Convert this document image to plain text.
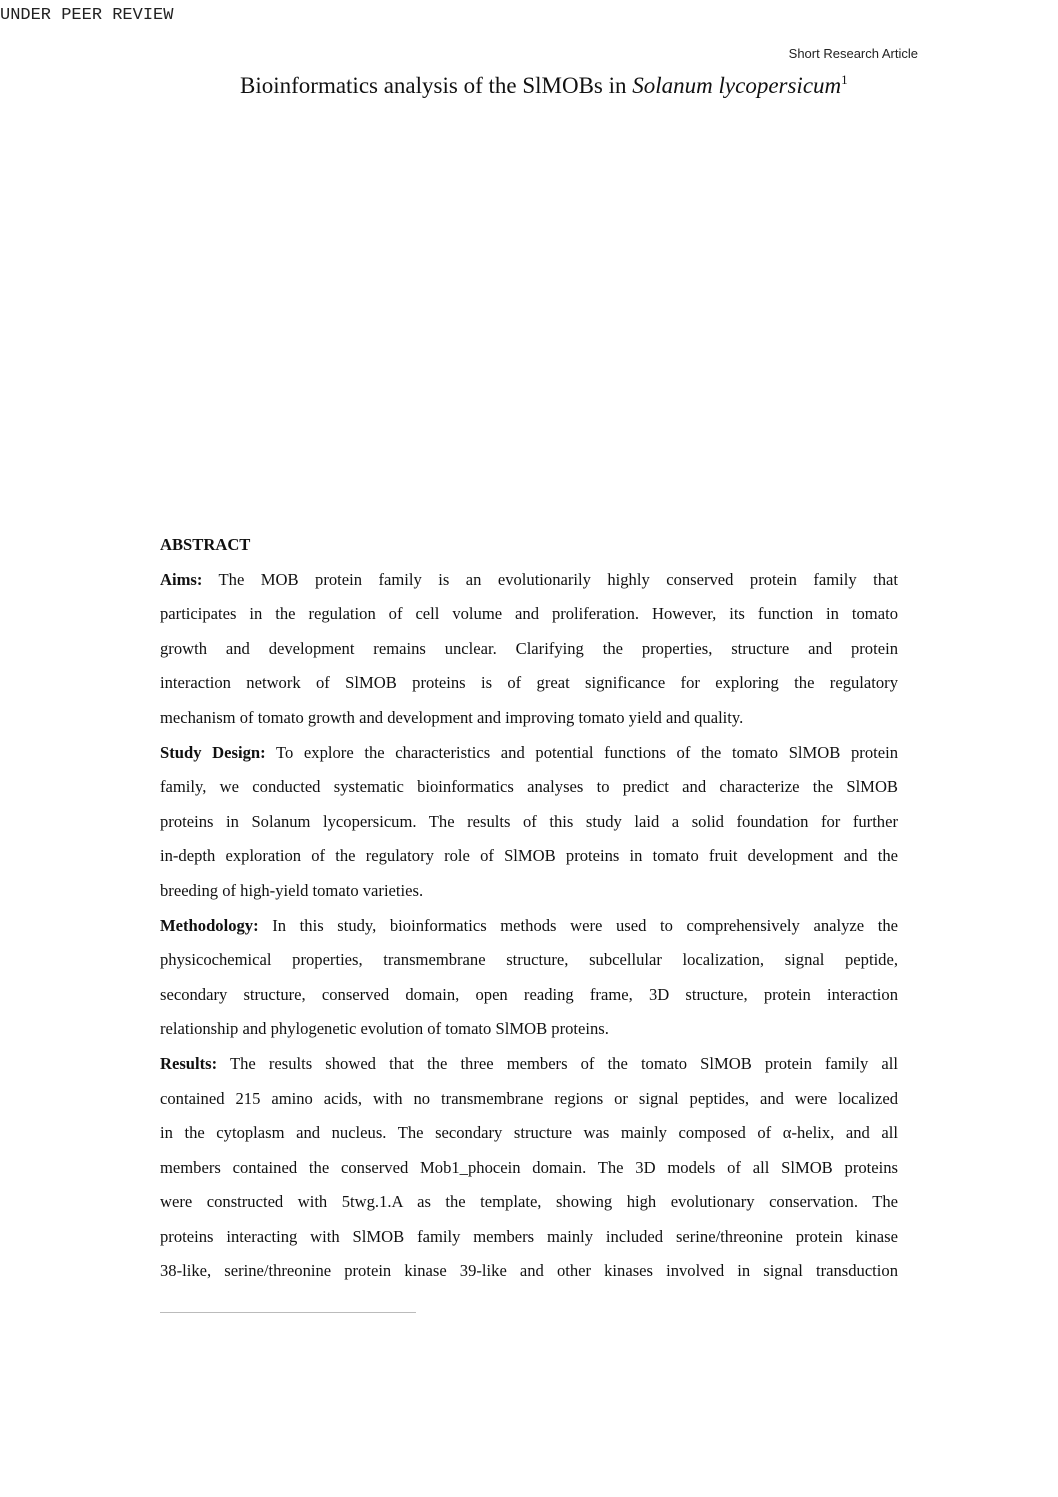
UNDER PEER REVIEW
Short Research Article
Bioinformatics analysis of the SlMOBs in Solanum lycopersicum$^1$
ABSTRACT
Aims: The MOB protein family is an evolutionarily highly conserved protein family that
participates in the regulation of cell volume and proliferation. However, its function in tomato
growth and development remains unclear. Clarifying the properties, structure and protein
interaction network of SlMOB proteins is of great significance for exploring the regulatory
mechanism of tomato growth and development and improving tomato yield and quality.
Study Design: To explore the characteristics and potential functions of the tomato SlMOB protein
family, we conducted systematic bioinformatics analyses to predict and characterize the SlMOB
proteins in Solanum lycopersicum. The results of this study laid a solid foundation for further
in-depth exploration of the regulatory role of SlMOB proteins in tomato fruit development and the
breeding of high-yield tomato varieties.
Methodology: In this study, bioinformatics methods were used to comprehensively analyze the
physicochemical properties, transmembrane structure, subcellular localization, signal peptide,
secondary structure, conserved domain, open reading frame, 3D structure, protein interaction
relationship and phylogenetic evolution of tomato SlMOB proteins.
Results: The results showed that the three members of the tomato SlMOB protein family all
contained 215 amino acids, with no transmembrane regions or signal peptides, and were localized
in the cytoplasm and nucleus. The secondary structure was mainly composed of α-helix, and all
members contained the conserved Mob1_phocein domain. The 3D models of all SlMOB proteins
were constructed with 5twg.1.A as the template, showing high evolutionary conservation. The
proteins interacting with SlMOB family members mainly included serine/threonine protein kinase
38-like, serine/threonine protein kinase 39-like and other kinases involved in signal transduction
